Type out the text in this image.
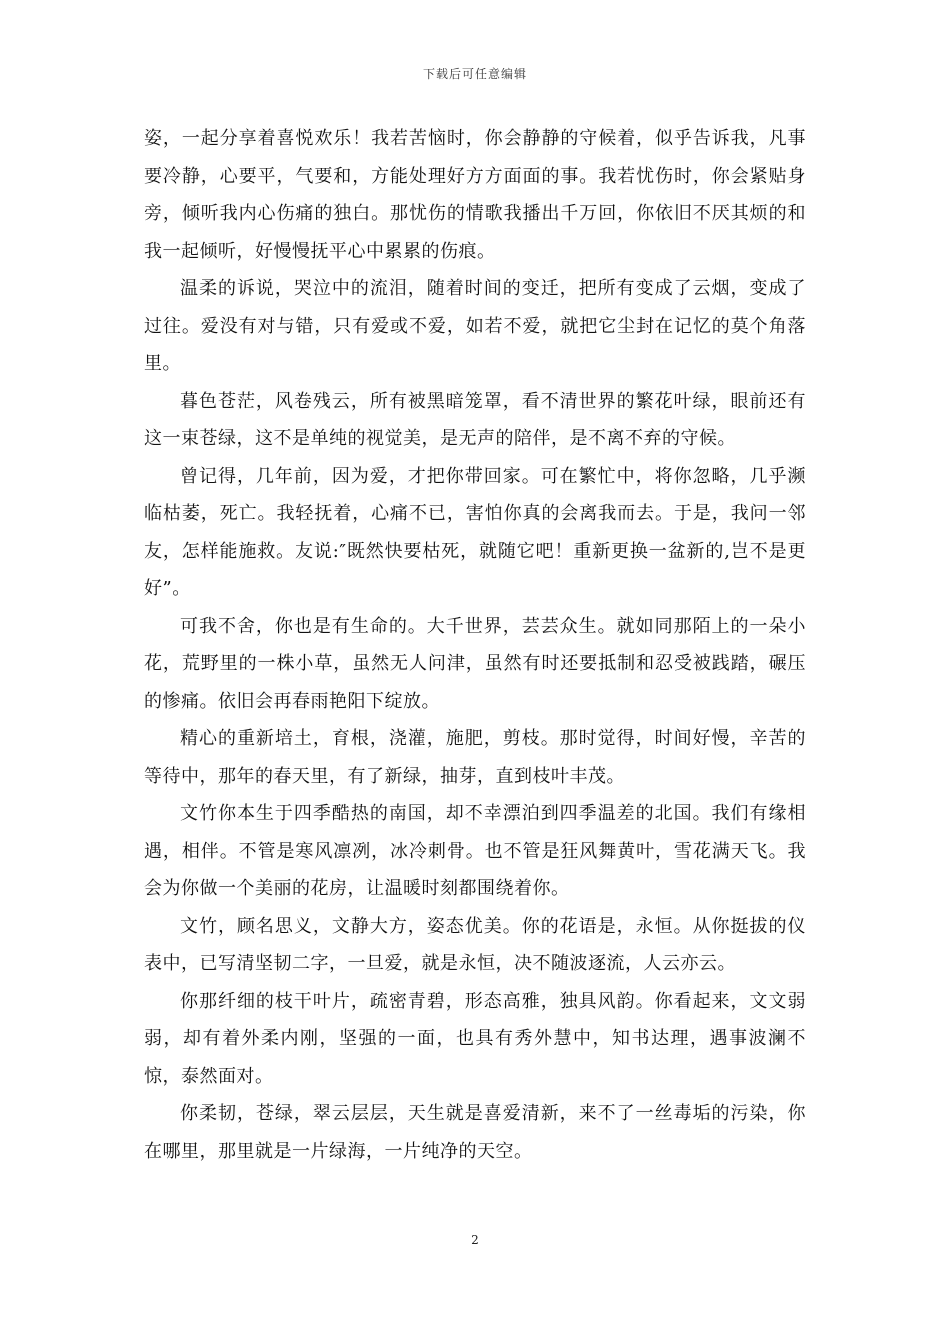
下载后可任意编辑

姿，一起分享着喜悦欢乐！我若苦恼时，你会静静的守候着，似乎告诉我，凡事要冷静，心要平，气要和，方能处理好方方面面的事。我若忧伤时，你会紧贴身旁，倾听我内心伤痛的独白。那忧伤的情歌我播出千万回，你依旧不厌其烦的和我一起倾听，好慢慢抚平心中累累的伤痕。

温柔的诉说，哭泣中的流泪，随着时间的变迁，把所有变成了云烟，变成了过往。爱没有对与错，只有爱或不爱，如若不爱，就把它尘封在记忆的莫个角落里。

暮色苍茫，风卷残云，所有被黑暗笼罩，看不清世界的繁花叶绿，眼前还有这一束苍绿，这不是单纯的视觉美，是无声的陪伴，是不离不弃的守候。

曾记得，几年前，因为爱，才把你带回家。可在繁忙中，将你忽略，几乎濒临枯萎，死亡。我轻抚着，心痛不已，害怕你真的会离我而去。于是，我问一邻友，怎样能施救。友说:″既然快要枯死，就随它吧！重新更换一盆新的,岂不是更好”。

可我不舍，你也是有生命的。大千世界，芸芸众生。就如同那陌上的一朵小花，荒野里的一株小草，虽然无人问津，虽然有时还要抵制和忍受被践踏，碾压的惨痛。依旧会再春雨艳阳下绽放。

精心的重新培土，育根，浇灌，施肥，剪枝。那时觉得，时间好慢，辛苦的等待中，那年的春天里，有了新绿，抽芽，直到枝叶丰茂。

文竹你本生于四季酷热的南国，却不幸漂泊到四季温差的北国。我们有缘相遇，相伴。不管是寒风凛冽，冰冷刺骨。也不管是狂风舞黄叶，雪花满天飞。我会为你做一个美丽的花房，让温暖时刻都围绕着你。

文竹，顾名思义，文静大方，姿态优美。你的花语是，永恒。从你挺拔的仪表中，已写清坚韧二字，一旦爱，就是永恒，决不随波逐流，人云亦云。

你那纤细的枝干叶片，疏密青碧，形态高雅，独具风韵。你看起来，文文弱弱，却有着外柔内刚，坚强的一面，也具有秀外慧中，知书达理，遇事波澜不惊，泰然面对。

你柔韧，苍绿，翠云层层，天生就是喜爱清新，来不了一丝毒垢的污染，你在哪里，那里就是一片绿海，一片纯净的天空。

2
